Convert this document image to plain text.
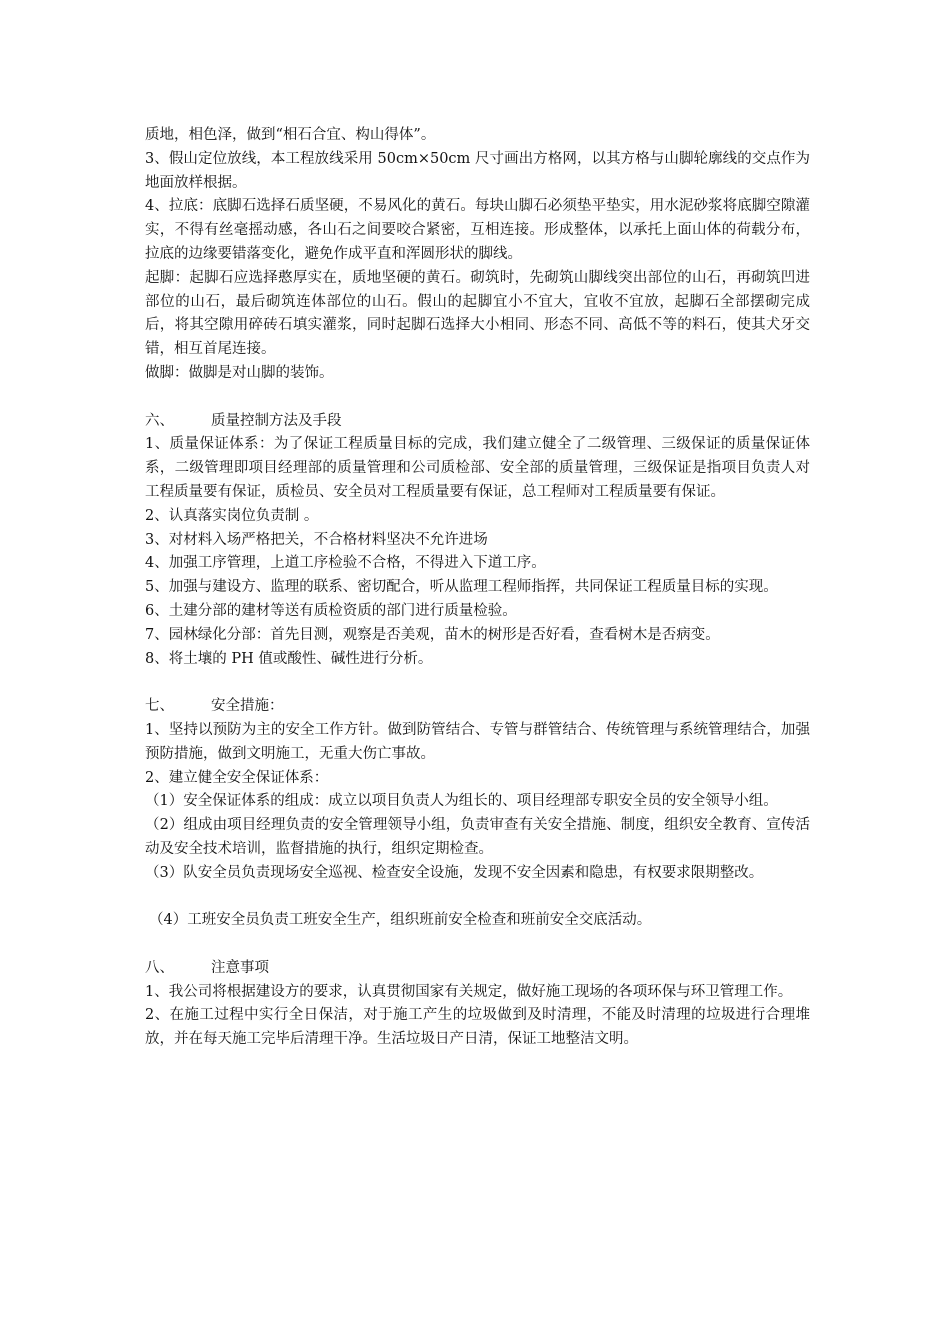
质地，相色泽，做到“相石合宜、构山得体”。

3、假山定位放线，本工程放线采用 50cm×50cm 尺寸画出方格网，以其方格与山脚轮廓线的交点作为地面放样根据。

4、拉底：底脚石选择石质坚硬，不易风化的黄石。每块山脚石必须垫平垫实，用水泥砂浆将底脚空隙灌实，不得有丝毫摇动感，各山石之间要咬合紧密，互相连接。形成整体，以承托上面山体的荷载分布，拉底的边缘要错落变化，避免作成平直和浑圆形状的脚线。

起脚：起脚石应选择憨厚实在，质地坚硬的黄石。砌筑时，先砌筑山脚线突出部位的山石，再砌筑凹进部位的山石，最后砌筑连体部位的山石。假山的起脚宜小不宜大，宜收不宜放，起脚石全部摆砌完成后，将其空隙用碎砖石填实灌浆，同时起脚石选择大小相同、形态不同、高低不等的料石，使其犬牙交错，相互首尾连接。

做脚：做脚是对山脚的装饰。

六、	质量控制方法及手段

1、质量保证体系：为了保证工程质量目标的完成，我们建立健全了二级管理、三级保证的质量保证体系，二级管理即项目经理部的质量管理和公司质检部、安全部的质量管理，三级保证是指项目负责人对工程质量要有保证，质检员、安全员对工程质量要有保证，总工程师对工程质量要有保证。

2、认真落实岗位负责制 。

3、对材料入场严格把关，不合格材料坚决不允许进场

4、加强工序管理，上道工序检验不合格，不得进入下道工序。

5、加强与建设方、监理的联系、密切配合，听从监理工程师指挥，共同保证工程质量目标的实现。

6、土建分部的建材等送有质检资质的部门进行质量检验。

7、园林绿化分部：首先目测，观察是否美观，苗木的树形是否好看，查看树木是否病变。

8、将土壤的 PH 值或酸性、碱性进行分析。

七、	安全措施：

1、坚持以预防为主的安全工作方针。做到防管结合、专管与群管结合、传统管理与系统管理结合，加强预防措施，做到文明施工，无重大伤亡事故。

2、建立健全安全保证体系：

（1）安全保证体系的组成：成立以项目负责人为组长的、项目经理部专职安全员的安全领导小组。

（2）组成由项目经理负责的安全管理领导小组，负责审查有关安全措施、制度，组织安全教育、宣传活动及安全技术培训，监督措施的执行，组织定期检查。

（3）队安全员负责现场安全巡视、检查安全设施，发现不安全因素和隐患，有权要求限期整改。

（4）工班安全员负责工班安全生产，组织班前安全检查和班前安全交底活动。

八、	注意事项

1、我公司将根据建设方的要求，认真贯彻国家有关规定，做好施工现场的各项环保与环卫管理工作。

2、在施工过程中实行全日保洁，对于施工产生的垃圾做到及时清理，不能及时清理的垃圾进行合理堆放，并在每天施工完毕后清理干净。生活垃圾日产日清，保证工地整洁文明。
